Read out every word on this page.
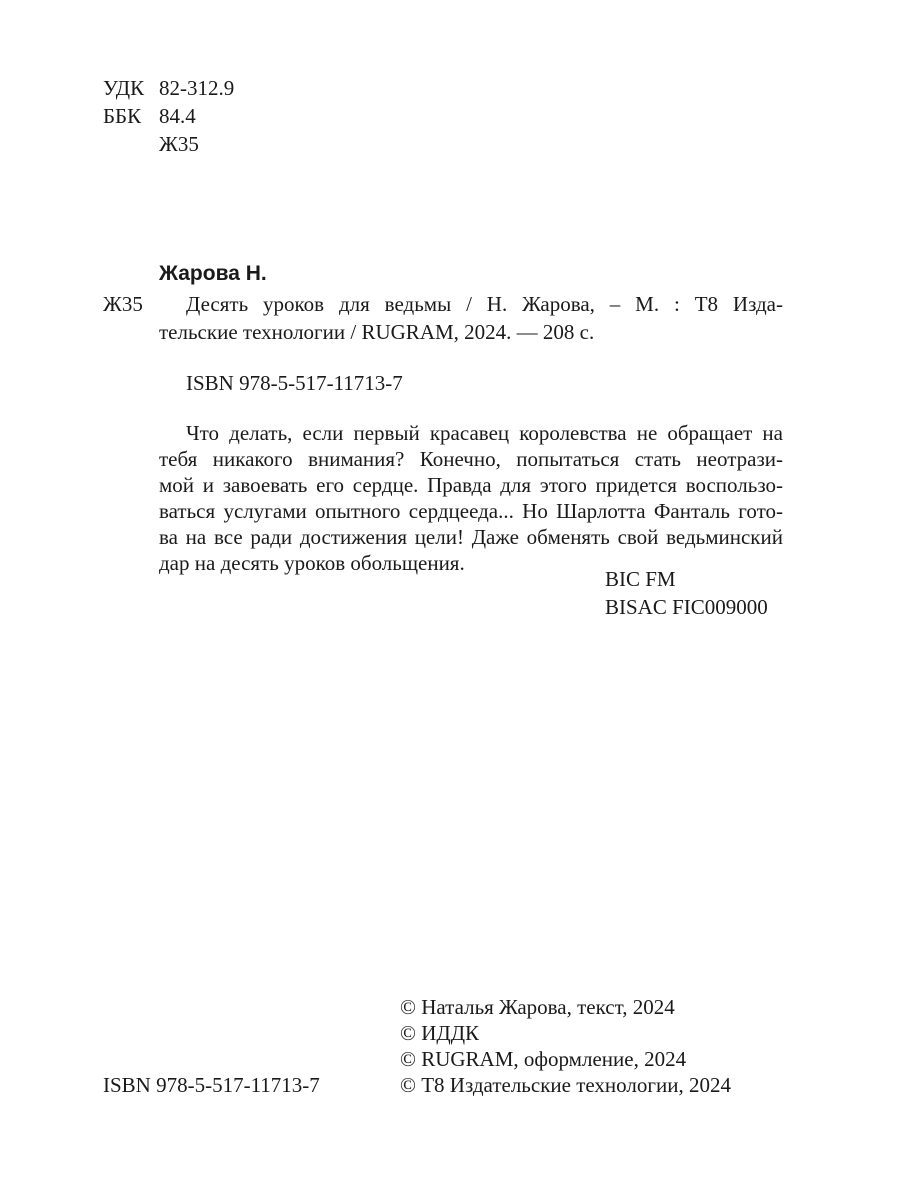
УДК 82-312.9
ББК 84.4
Ж35
Жарова Н.
Ж35	Десять уроков для ведьмы / Н. Жарова, – М. : Т8 Изда-
тельские технологии / RUGRAM, 2024. — 208 с.
ISBN 978-5-517-11713-7

Что делать, если первый красавец королевства не обращает на

тебя никакого внимания? Конечно, попытаться стать неотрази-

мой и завоевать его сердце. Правда для этого придется воспользо-

ваться услугами опытного сердцееда... Но Шарлотта Фанталь гото-

ва на все ради достижения цели! Даже обменять свой ведьминский

дар на десять уроков обольщения.

BIC FM
BISAC FIC009000
© Наталья Жарова, текст, 2024
© ИДДК
© RUGRAM, оформление, 2024
© Т8 Издательские технологии, 2024
ISBN 978-5-517-11713-7
